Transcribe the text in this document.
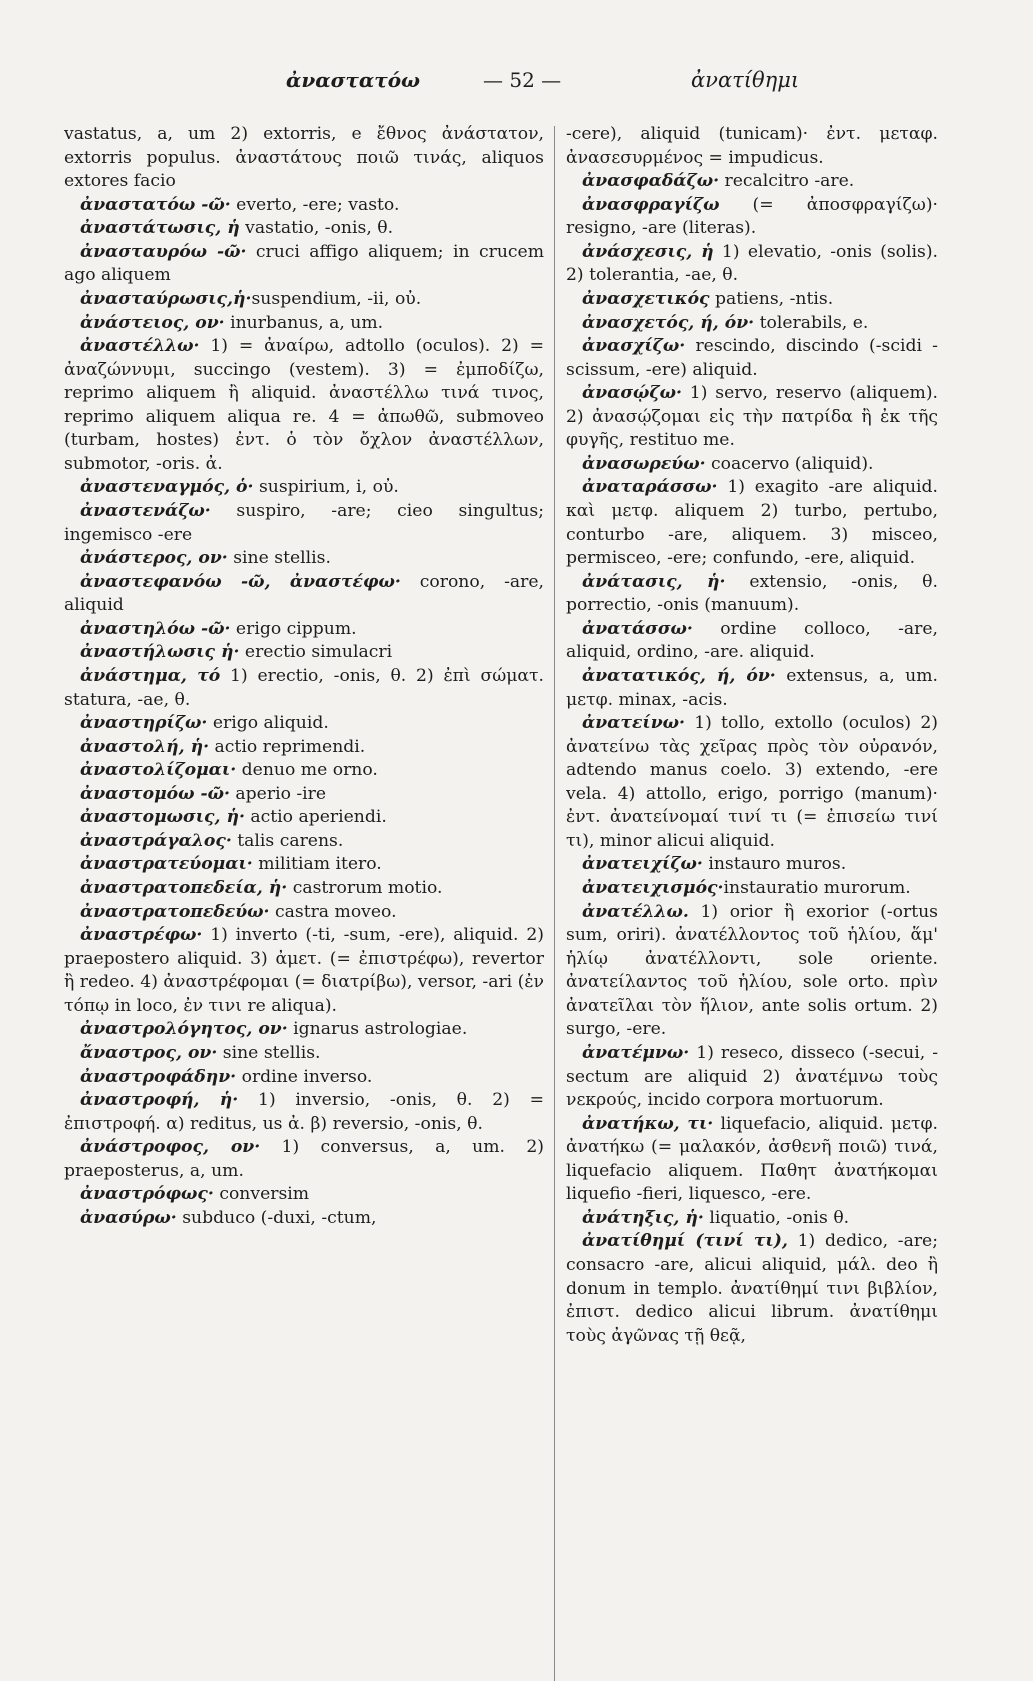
ἀναστατόω	— 52 —	ἀνατίθημι

vastatus, a, um 2) extorris, e ἔθνος ἀνάστατον, extorris populus. ἀναστάτους ποιῶ τινάς, aliquos extores facio

ἀναστατόω -ῶ· everto, -ere; vasto.

ἀναστάτωσις, ἡ vastatio, -onis, θ.

ἀνασταυρόω -ῶ· cruci affigo aliquem; in crucem ago aliquem

ἀνασταύρωσις,ἡ·suspendium, -ii, οὐ.

ἀνάστειος, ον· inurbanus, a, um.

ἀναστέλλω· 1) = ἀναίρω, adtollo (oculos). 2) = ἀναζώννυμι, succingo (vestem). 3) = ἐμποδίζω, reprimo aliquem ἢ aliquid. ἀναστέλλω τινά τινος, reprimo aliquem aliqua re. 4 = ἀπωθῶ, submoveo (turbam, hostes) ἐντ. ὁ τὸν ὄχλον ἀναστέλλων, submotor, -oris. ἀ.

ἀναστεναγμός, ὁ· suspirium, i, οὐ.

ἀναστενάζω· suspiro, -are; cieo singultus; ingemisco -ere

ἀνάστερος, ον· sine stellis.

ἀναστεφανόω -ῶ, ἀναστέφω· corono, -are, aliquid

ἀναστηλόω -ῶ· erigo cippum.

ἀναστήλωσις ἡ· erectio simulacri

ἀνάστημα, τό 1) erectio, -onis, θ. 2) ἐπὶ σώματ. statura, -ae, θ.

ἀναστηρίζω· erigo aliquid.

ἀναστολή, ἡ· actio reprimendi.

ἀναστολίζομαι· denuo me orno.

ἀναστομόω -ῶ· aperio -ire

ἀναστομωσις, ἡ· actio aperiendi.

ἀναστράγαλος· talis carens.

ἀναστρατεύομαι· militiam itero.

ἀναστρατοπεδεία, ἡ· castrorum motio.

ἀναστρατοπεδεύω· castra moveo.

ἀναστρέφω· 1) inverto (-ti, -sum, -ere), aliquid. 2) praepostero aliquid. 3) ἀμετ. (= ἐπιστρέφω), revertor ἢ redeo. 4) ἀναστρέφομαι (= διατρίβω), versor, -ari (ἐν τόπῳ in loco, ἐν τινι re aliqua).

ἀναστρολόγητος, ον· ignarus astrologiae.

ἄναστρος, ον· sine stellis.

ἀναστροφάδην· ordine inverso.

ἀναστροφή, ἡ· 1) inversio, -onis, θ. 2) = ἐπιστροφή. α) reditus, us ἀ. β) reversio, -onis, θ.

ἀνάστροφος, ον· 1) conversus, a, um. 2) praeposterus, a, um.

ἀναστρόφως· conversim

ἀνασύρω· subduco (-duxi, -ctum,

-cere), aliquid (tunicam)· ἐντ. μεταφ. ἀνασεσυρμένος = impudicus.

ἀνασφαδάζω· recalcitro -are.

ἀνασφραγίζω (= ἀποσφραγίζω)· resigno, -are (literas).

ἀνάσχεσις, ἡ 1) elevatio, -onis (solis). 2) tolerantia, -ae, θ.

ἀνασχετικός patiens, -ntis.

ἀνασχετός, ή, όν· tolerabils, e.

ἀνασχίζω· rescindo, discindo (-scidi -scissum, -ere) aliquid.

ἀνασῴζω· 1) servo, reservo (aliquem). 2) ἀνασῴζομαι εἰς τὴν πατρίδα ἢ ἐκ τῆς φυγῆς, restituo me.

ἀνασωρεύω· coacervo (aliquid).

ἀναταράσσω· 1) exagito -are aliquid. καὶ μετφ. aliquem 2) turbo, pertubo, conturbo -are, aliquem. 3) misceo, permisceo, -ere; confundo, -ere, aliquid.

ἀνάτασις, ἡ· extensio, -onis, θ. porrectio, -onis (manuum).

ἀνατάσσω· ordine colloco, -are, aliquid, ordino, -are. aliquid.

ἀνατατικός, ή, όν· extensus, a, um. μετφ. minax, -acis.

ἀνατείνω· 1) tollo, extollo (oculos) 2) ἀνατείνω τὰς χεῖρας πρὸς τὸν οὐρανόν, adtendo manus coelo. 3) extendo, -ere vela. 4) attollo, erigo, porrigo (manum)· ἐντ. ἀνατείνομαί τινί τι (= ἐπισείω τινί τι), minor alicui aliquid.

ἀνατειχίζω· instauro muros.

ἀνατειχισμός·instauratio murorum.

ἀνατέλλω. 1) orior ἢ exorior (-ortus sum, oriri). ἀνατέλλοντος τοῦ ἡλίου, ἅμ' ἡλίῳ ἀνατέλλοντι, sole oriente. ἀνατείλαντος τοῦ ἡλίου, sole orto. πρὶν ἀνατεῖλαι τὸν ἥλιον, ante solis ortum. 2) surgo, -ere.

ἀνατέμνω· 1) reseco, disseco (-secui, -sectum are aliquid 2) ἀνατέμνω τοὺς νεκρούς, incido corpora mortuorum.

ἀνατήκω, τι· liquefacio, aliquid. μετφ. ἀνατήκω (= μαλακόν, ἀσθενῆ ποιῶ) τινά, liquefacio aliquem. Παθητ ἀνατήκομαι liquefio -fieri, liquesco, -ere.

ἀνάτηξις, ἡ· liquatio, -onis θ.

ἀνατίθημί (τινί τι), 1) dedico, -are; consacro -are, alicui aliquid, μάλ. deo ἢ donum in templo. ἀνατίθημί τινι βιβλίον, ἐπιστ. dedico alicui librum. ἀνατίθημι τοὺς ἀγῶνας τῇ θεᾷ,
